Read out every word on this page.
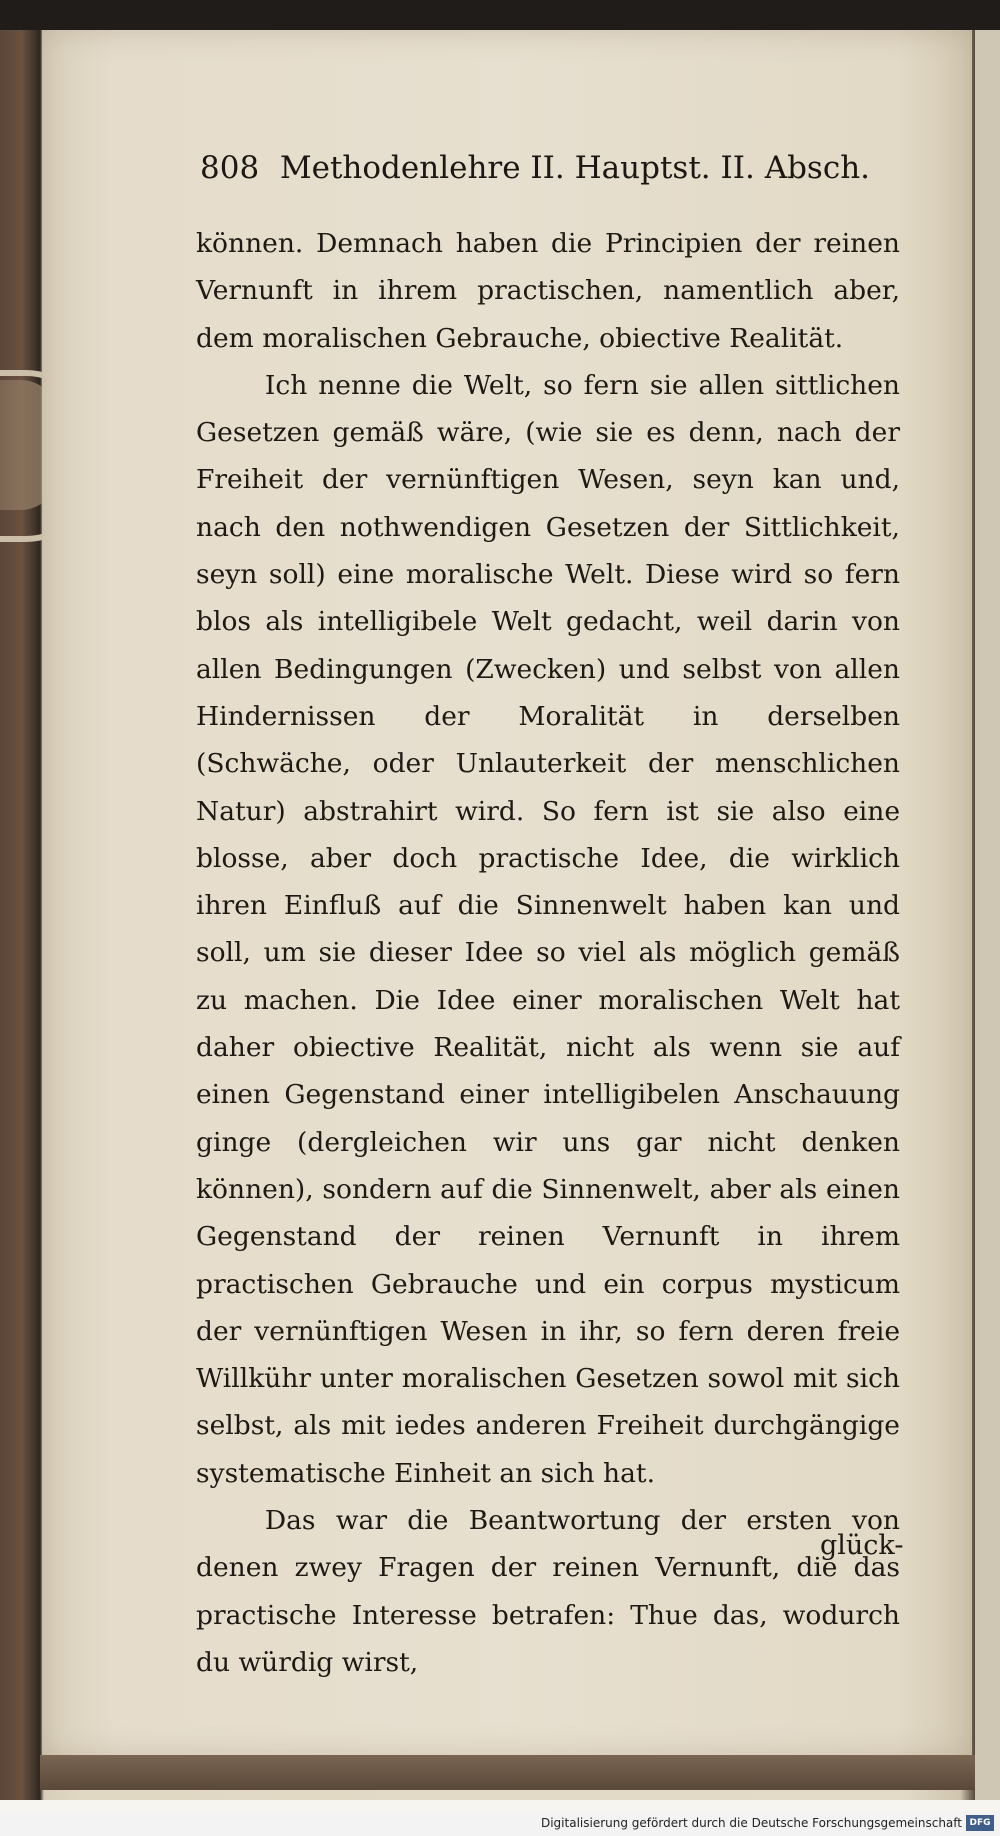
808 Methodenlehre II. Hauptst. II. Absch.

können. Demnach haben die Principien der reinen Vernunft in ihrem practischen, namentlich aber, dem moralischen Gebrauche, obiective Realität.

Ich nenne die Welt, so fern sie allen sittlichen Gesetzen gemäß wäre, (wie sie es denn, nach der Freiheit der vernünftigen Wesen, seyn kan und, nach den nothwendigen Gesetzen der Sittlichkeit, seyn soll) eine moralische Welt. Diese wird so fern blos als intelligibele Welt gedacht, weil darin von allen Bedingungen (Zwecken) und selbst von allen Hindernissen der Moralität in derselben (Schwäche, oder Unlauterkeit der menschlichen Natur) abstrahirt wird. So fern ist sie also eine blosse, aber doch practische Idee, die wirklich ihren Einfluß auf die Sinnenwelt haben kan und soll, um sie dieser Idee so viel als möglich gemäß zu machen. Die Idee einer moralischen Welt hat daher obiective Realität, nicht als wenn sie auf einen Gegenstand einer intelligibelen Anschauung ginge (dergleichen wir uns gar nicht denken können), sondern auf die Sinnenwelt, aber als einen Gegenstand der reinen Vernunft in ihrem practischen Gebrauche und ein corpus mysticum der vernünftigen Wesen in ihr, so fern deren freie Willkühr unter moralischen Gesetzen sowol mit sich selbst, als mit iedes anderen Freiheit durchgängige systematische Einheit an sich hat.

Das war die Beantwortung der ersten von denen zwey Fragen der reinen Vernunft, die das practische Interesse betrafen: Thue das, wodurch du würdig wirst,

glück-
Digitalisierung gefördert durch die Deutsche Forschungsgemeinschaft DFG
